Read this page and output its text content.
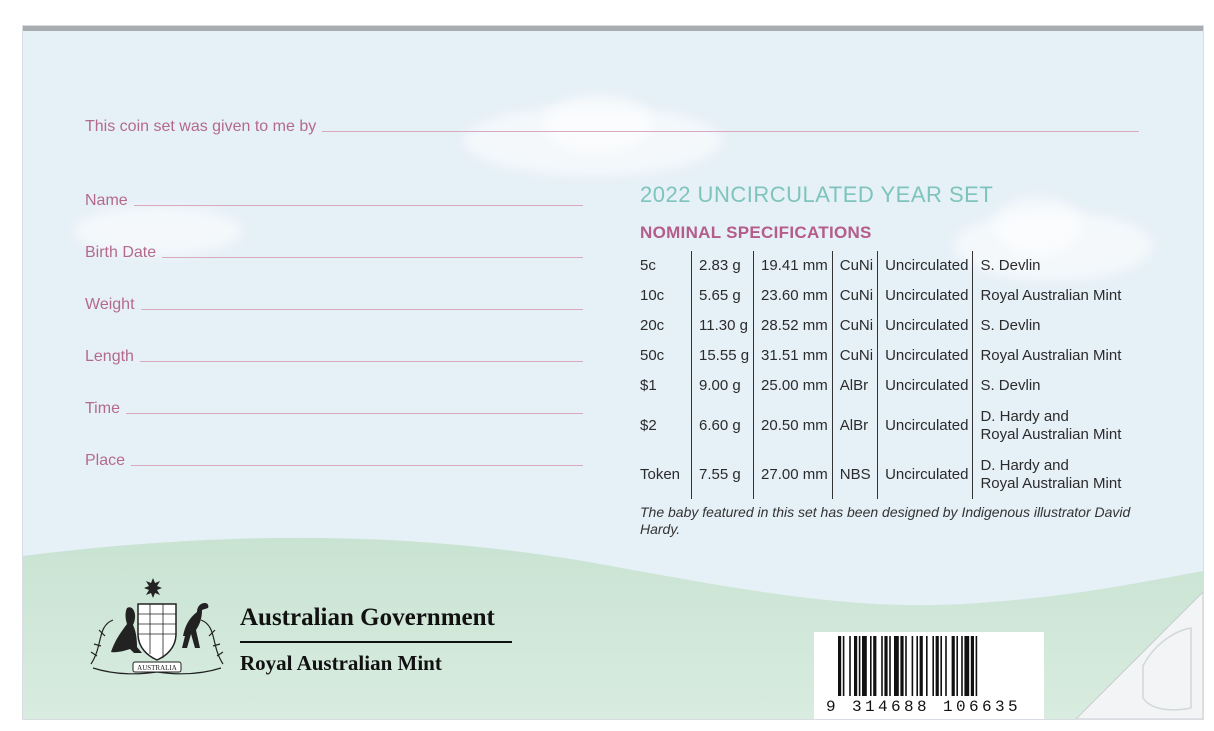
This coin set was given to me by
Name
Birth Date
Weight
Length
Time
Place
2022 UNCIRCULATED YEAR SET
NOMINAL SPECIFICATIONS
5c	2.83 g	19.41 mm	CuNi	Uncirculated	S. Devlin
10c	5.65 g	23.60 mm	CuNi	Uncirculated	Royal Australian Mint
20c	11.30 g	28.52 mm	CuNi	Uncirculated	S. Devlin
50c	15.55 g	31.51 mm	CuNi	Uncirculated	Royal Australian Mint
$1	9.00 g	25.00 mm	AlBr	Uncirculated	S. Devlin
$2	6.60 g	20.50 mm	AlBr	Uncirculated	D. Hardy and
Royal Australian Mint

Token	7.55 g	27.00 mm	NBS	Uncirculated	D. Hardy and
Royal Australian Mint
The baby featured in this set has been designed by Indigenous illustrator David Hardy.
AUSTRALIA
Australian Government
Royal Australian Mint
9 314688 106635
